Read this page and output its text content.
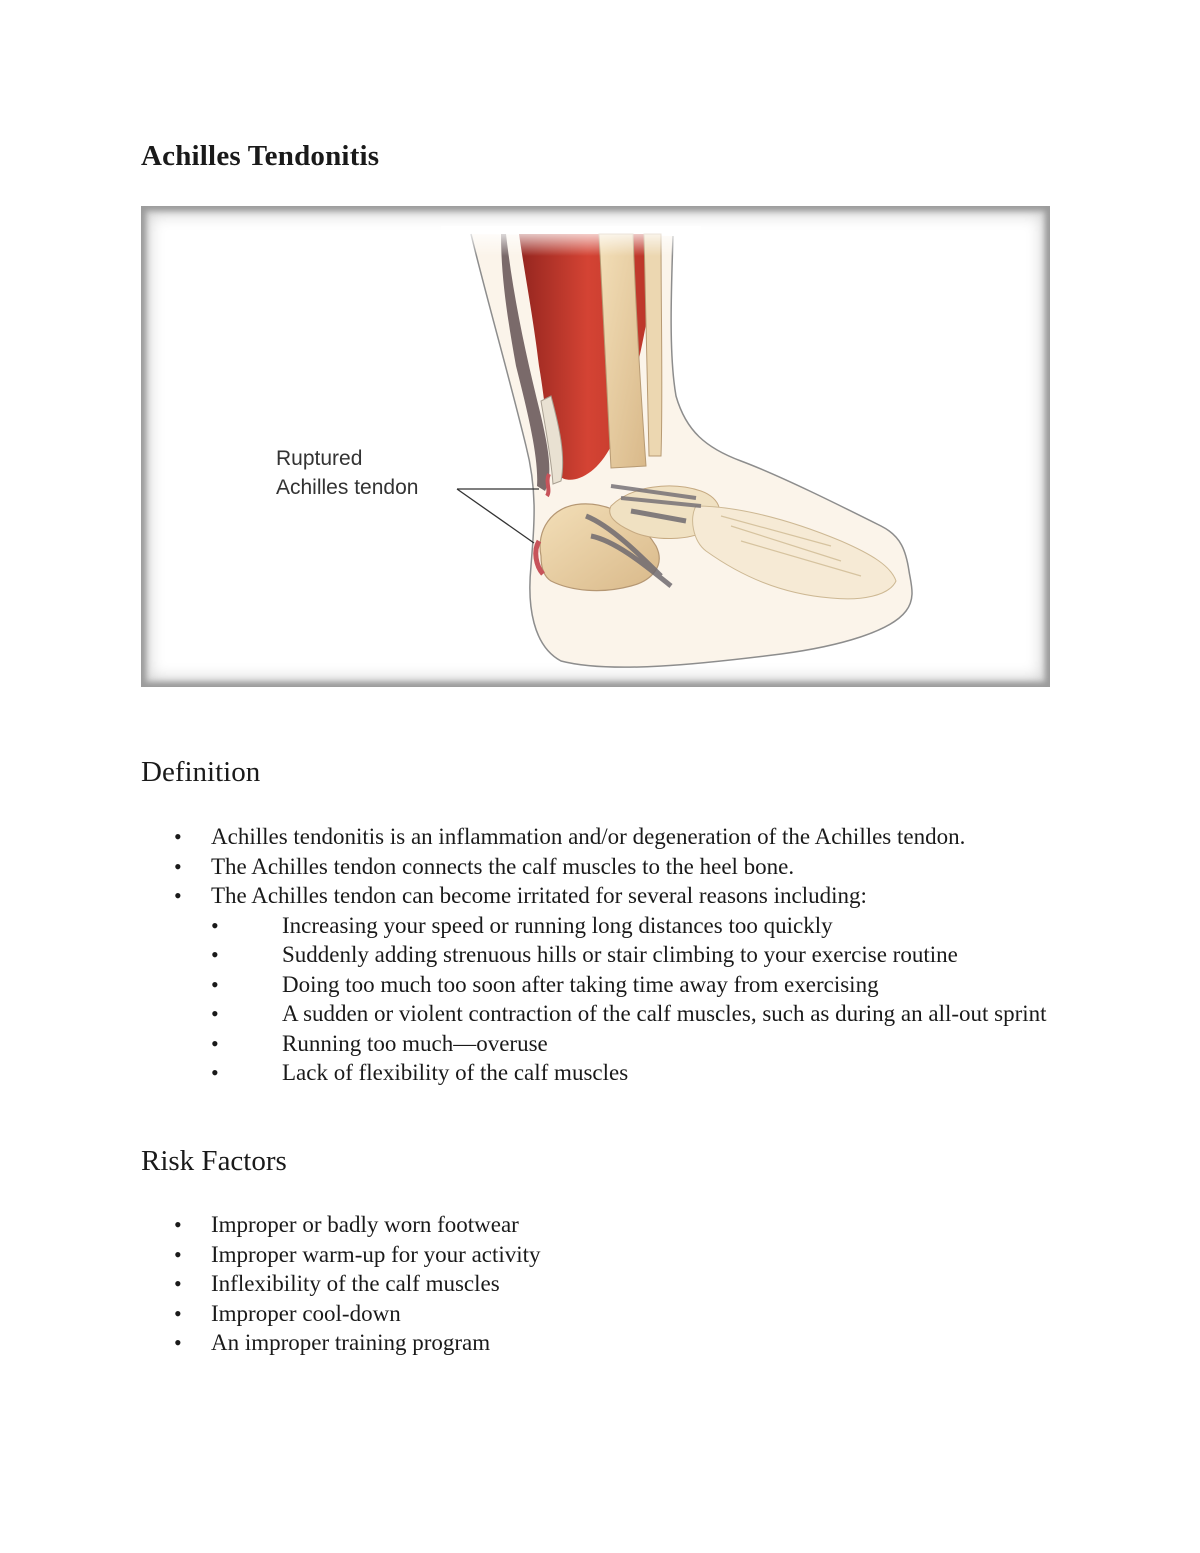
Achilles Tendonitis
Ruptured
Achilles tendon
Definition
• Achilles tendonitis is an inflammation and/or degeneration of the Achilles tendon.
• The Achilles tendon connects the calf muscles to the heel bone.
• The Achilles tendon can become irritated for several reasons including:
• Increasing your speed or running long distances too quickly
• Suddenly adding strenuous hills or stair climbing to your exercise routine
• Doing too much too soon after taking time away from exercising
• A sudden or violent contraction of the calf muscles, such as during an all-out sprint
• Running too much—overuse
• Lack of flexibility of the calf muscles
Risk Factors
• Improper or badly worn footwear
• Improper warm-up for your activity
• Inflexibility of the calf muscles
• Improper cool-down
• An improper training program
